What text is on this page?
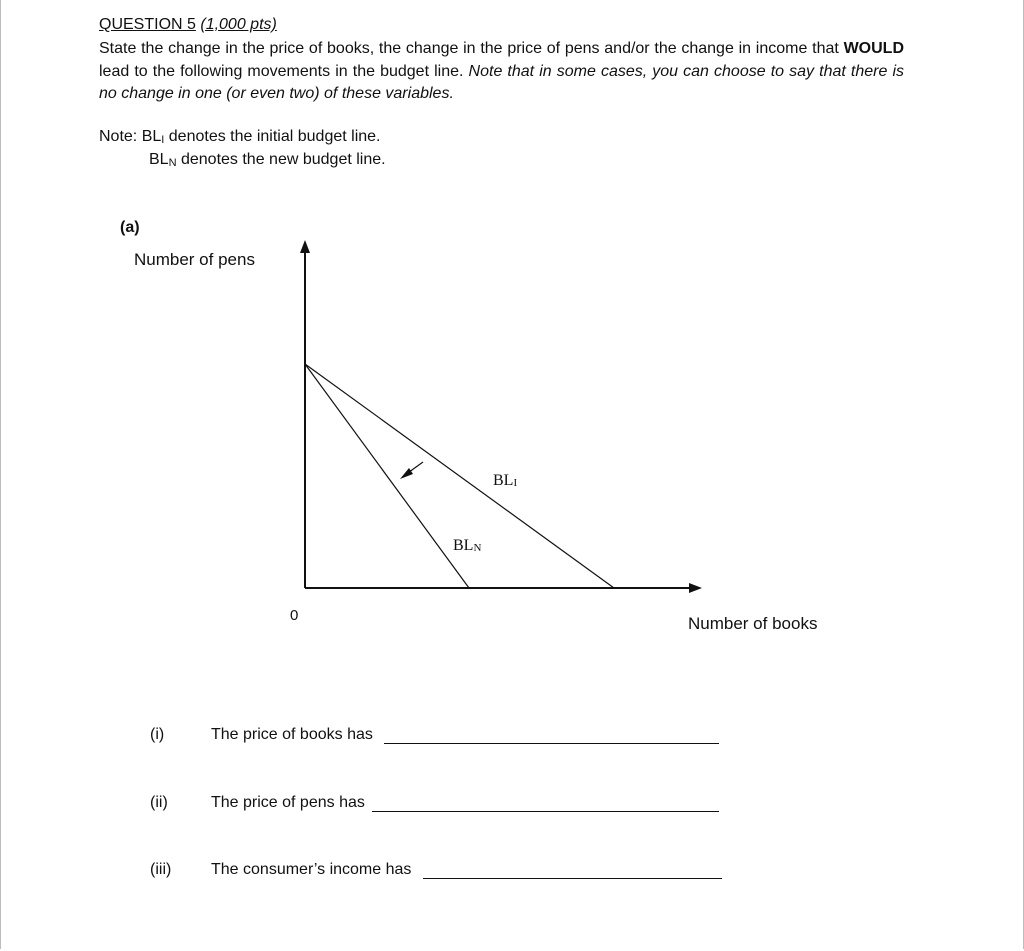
QUESTION 5 (1,000 pts)
State the change in the price of books, the change in the price of pens and/or the change in income that WOULD lead to the following movements in the budget line. Note that in some cases, you can choose to say that there is no change in one (or even two) of these variables.
Note: BLI denotes the initial budget line.
BLN denotes the new budget line.
(a)
Number of pens
Number of books
0
BLI
BLN
(i)	The price of books has
(ii)	The price of pens has
(iii) The consumer’s income has
